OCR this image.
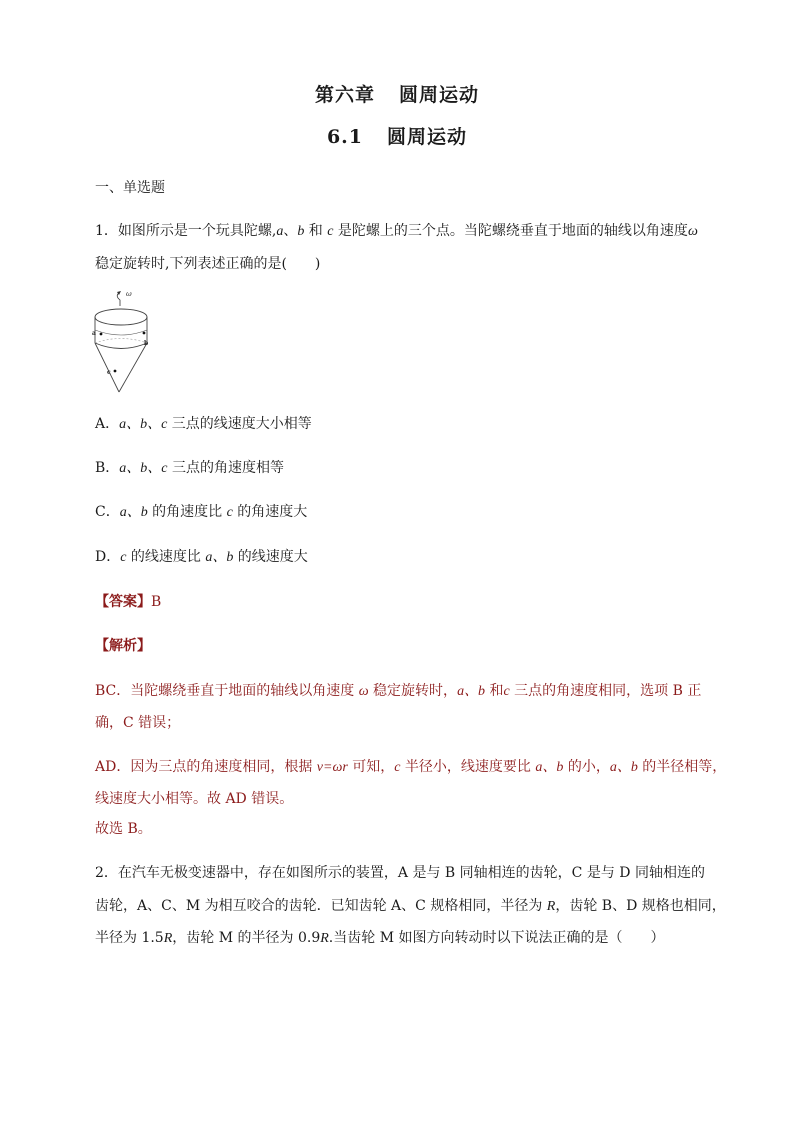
第六章 圆周运动
6.1 圆周运动
一、单选题
1．如图所示是一个玩具陀螺,a、b 和 c 是陀螺上的三个点。当陀螺绕垂直于地面的轴线以角速度ω
稳定旋转时,下列表述正确的是(　　)
ω
a
b
c
A．a、b、c 三点的线速度大小相等
B．a、b、c 三点的角速度相等
C．a、b 的角速度比 c 的角速度大
D．c 的线速度比 a、b 的线速度大
【答案】B
【解析】
BC．当陀螺绕垂直于地面的轴线以角速度 ω 稳定旋转时，a、b 和c 三点的角速度相同，选项 B 正
确，C 错误；
AD．因为三点的角速度相同，根据 v=ωr 可知，c 半径小，线速度要比 a、b 的小，a、b 的半径相等，
线速度大小相等。故 AD 错误。
故选 B。
2．在汽车无极变速器中，存在如图所示的装置，A 是与 B 同轴相连的齿轮，C 是与 D 同轴相连的
齿轮，A、C、M 为相互咬合的齿轮．已知齿轮 A、C 规格相同，半径为 R，齿轮 B、D 规格也相同，
半径为 1.5R，齿轮 M 的半径为 0.9R.当齿轮 M 如图方向转动时以下说法正确的是（　　）
